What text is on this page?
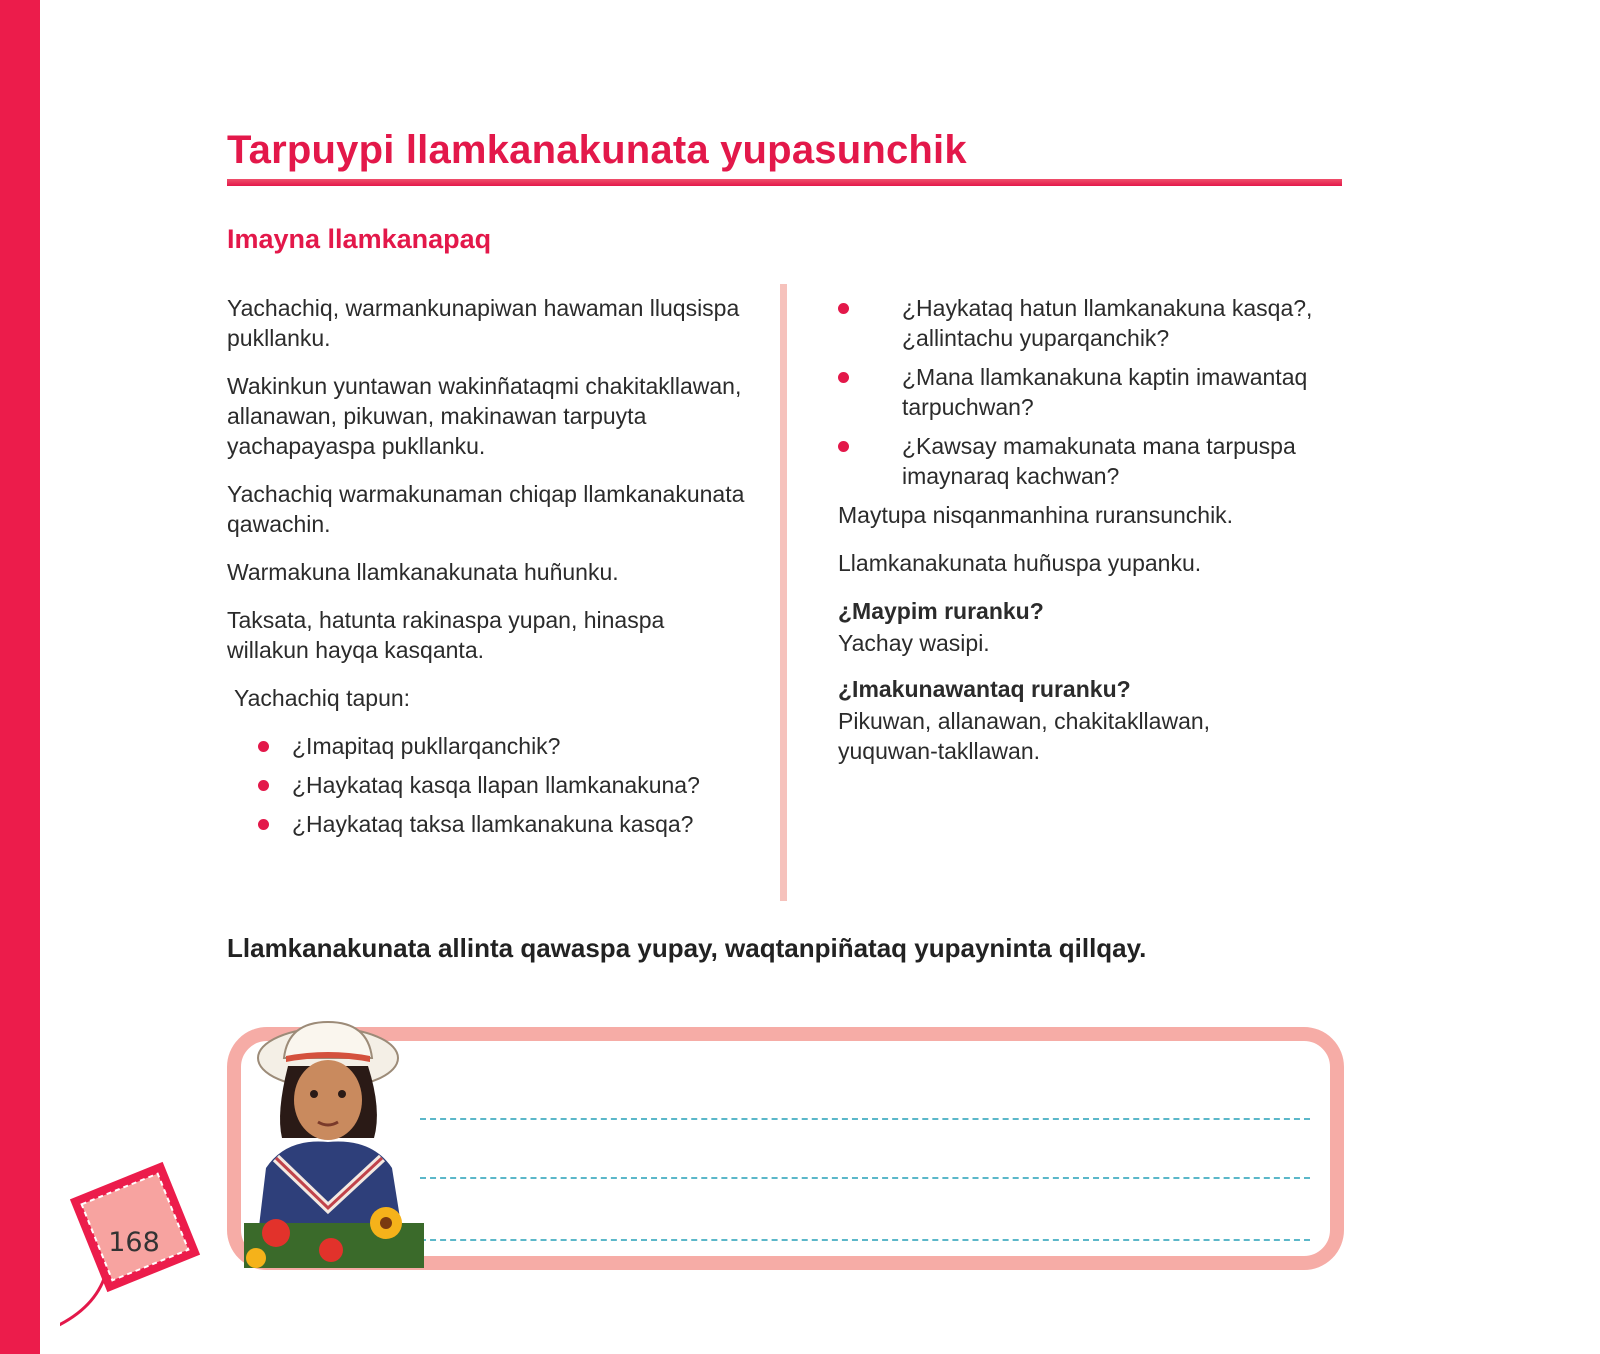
Tarpuypi llamkanakunata yupasunchik
Imayna llamkanapaq

Yachachiq, warmankunapiwan hawaman lluqsispa pukllanku.

Wakinkun yuntawan wakinñataqmi chakitakllawan, allanawan, pikuwan, makinawan tarpuyta yachapayaspa pukllanku.

Yachachiq warmakunaman chiqap llamkanakunata qawachin.

Warmakuna llamkanakunata huñunku.

Taksata, hatunta rakinaspa yupan, hinaspa willakun hayqa kasqanta.

Yachachiq tapun:

¿Imapitaq pukllarqanchik?
¿Haykataq kasqa llapan llamkanakuna?
¿Haykataq taksa llamkanakuna kasqa?
¿Haykataq hatun llamkanakuna kasqa?, ¿allintachu yuparqanchik?
¿Mana llamkanakuna kaptin imawantaq tarpuchwan?
¿Kawsay mamakunata mana tarpuspa imaynaraq kachwan?

Maytupa nisqanmanhina ruransunchik.

Llamkanakunata huñuspa yupanku.

¿Maypim ruranku?

Yachay wasipi.

¿Imakunawantaq ruranku?

Pikuwan, allanawan, chakitakllawan, yuquwan-takllawan.

Llamkanakunata allinta qawaspa yupay, waqtanpiñataq yupayninta qillqay.

168
